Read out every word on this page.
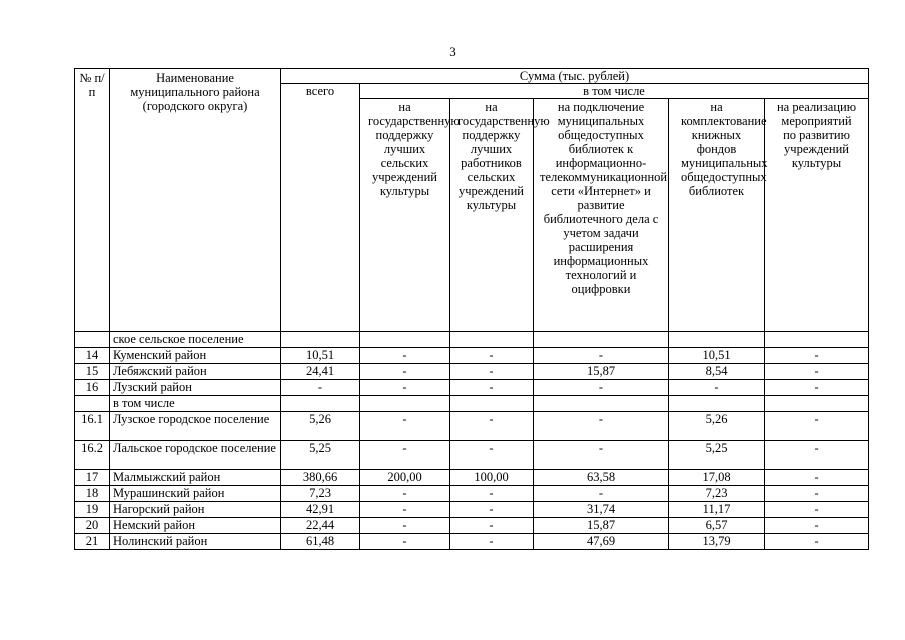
3
№ п/п	Наименование муниципального района (городского округа)	Сумма (тыс. рублей)					
		всего	в том числе				
			на государственную поддержку лучших сельских учреждений культуры	на государственную поддержку лучших работников сельских учреждений культуры	на подключение муниципальных общедоступных библиотек к информационно-телекоммуникационной сети «Интернет» и развитие библиотечного дела с учетом задачи расширения информационных технологий и оцифровки	на комплектование книжных фондов муниципальных общедоступных библиотек	на реализацию мероприятий по развитию учреждений культуры
	ское сельское поселение						
14	Куменский район	10,51	-	-	-	10,51	-
15	Лебяжский район	24,41	-	-	15,87	8,54	-
16	Лузский район	-	-	-	-	-	-
	в том числе						
16.1	Лузское городское поселение	5,26	-	-	-	5,26	-
16.2	Лальское городское поселение	5,25	-	-	-	5,25	-
17	Малмыжский район	380,66	200,00	100,00	63,58	17,08	-
18	Мурашинский район	7,23	-	-	-	7,23	-
19	Нагорский район	42,91	-	-	31,74	11,17	-
20	Немский район	22,44	-	-	15,87	6,57	-
21	Нолинский район	61,48	-	-	47,69	13,79	-
